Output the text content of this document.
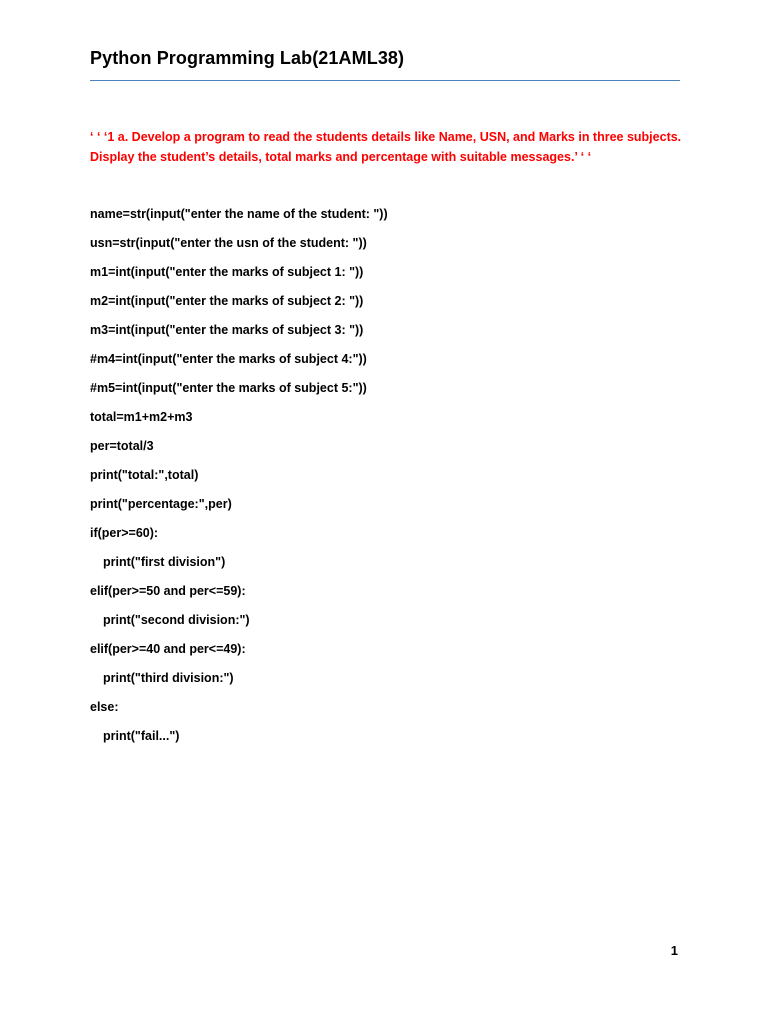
Python Programming Lab(21AML38)
‘ ‘ ‘1 a. Develop a program to read the students details like Name, USN, and Marks in three subjects.
Display the student’s details, total marks and percentage with suitable messages.’ ‘ ‘
name=str(input("enter the name of the student: "))
usn=str(input("enter the usn of the student: "))
m1=int(input("enter the marks of subject 1: "))
m2=int(input("enter the marks of subject 2: "))
m3=int(input("enter the marks of subject 3: "))
#m4=int(input("enter the marks of subject 4:"))
#m5=int(input("enter the marks of subject 5:"))
total=m1+m2+m3
per=total/3
print("total:",total)
print("percentage:",per)
if(per>=60):
print("first division")
elif(per>=50 and per<=59):
print("second division:")
elif(per>=40 and per<=49):
print("third division:")
else:
print("fail...")
1
